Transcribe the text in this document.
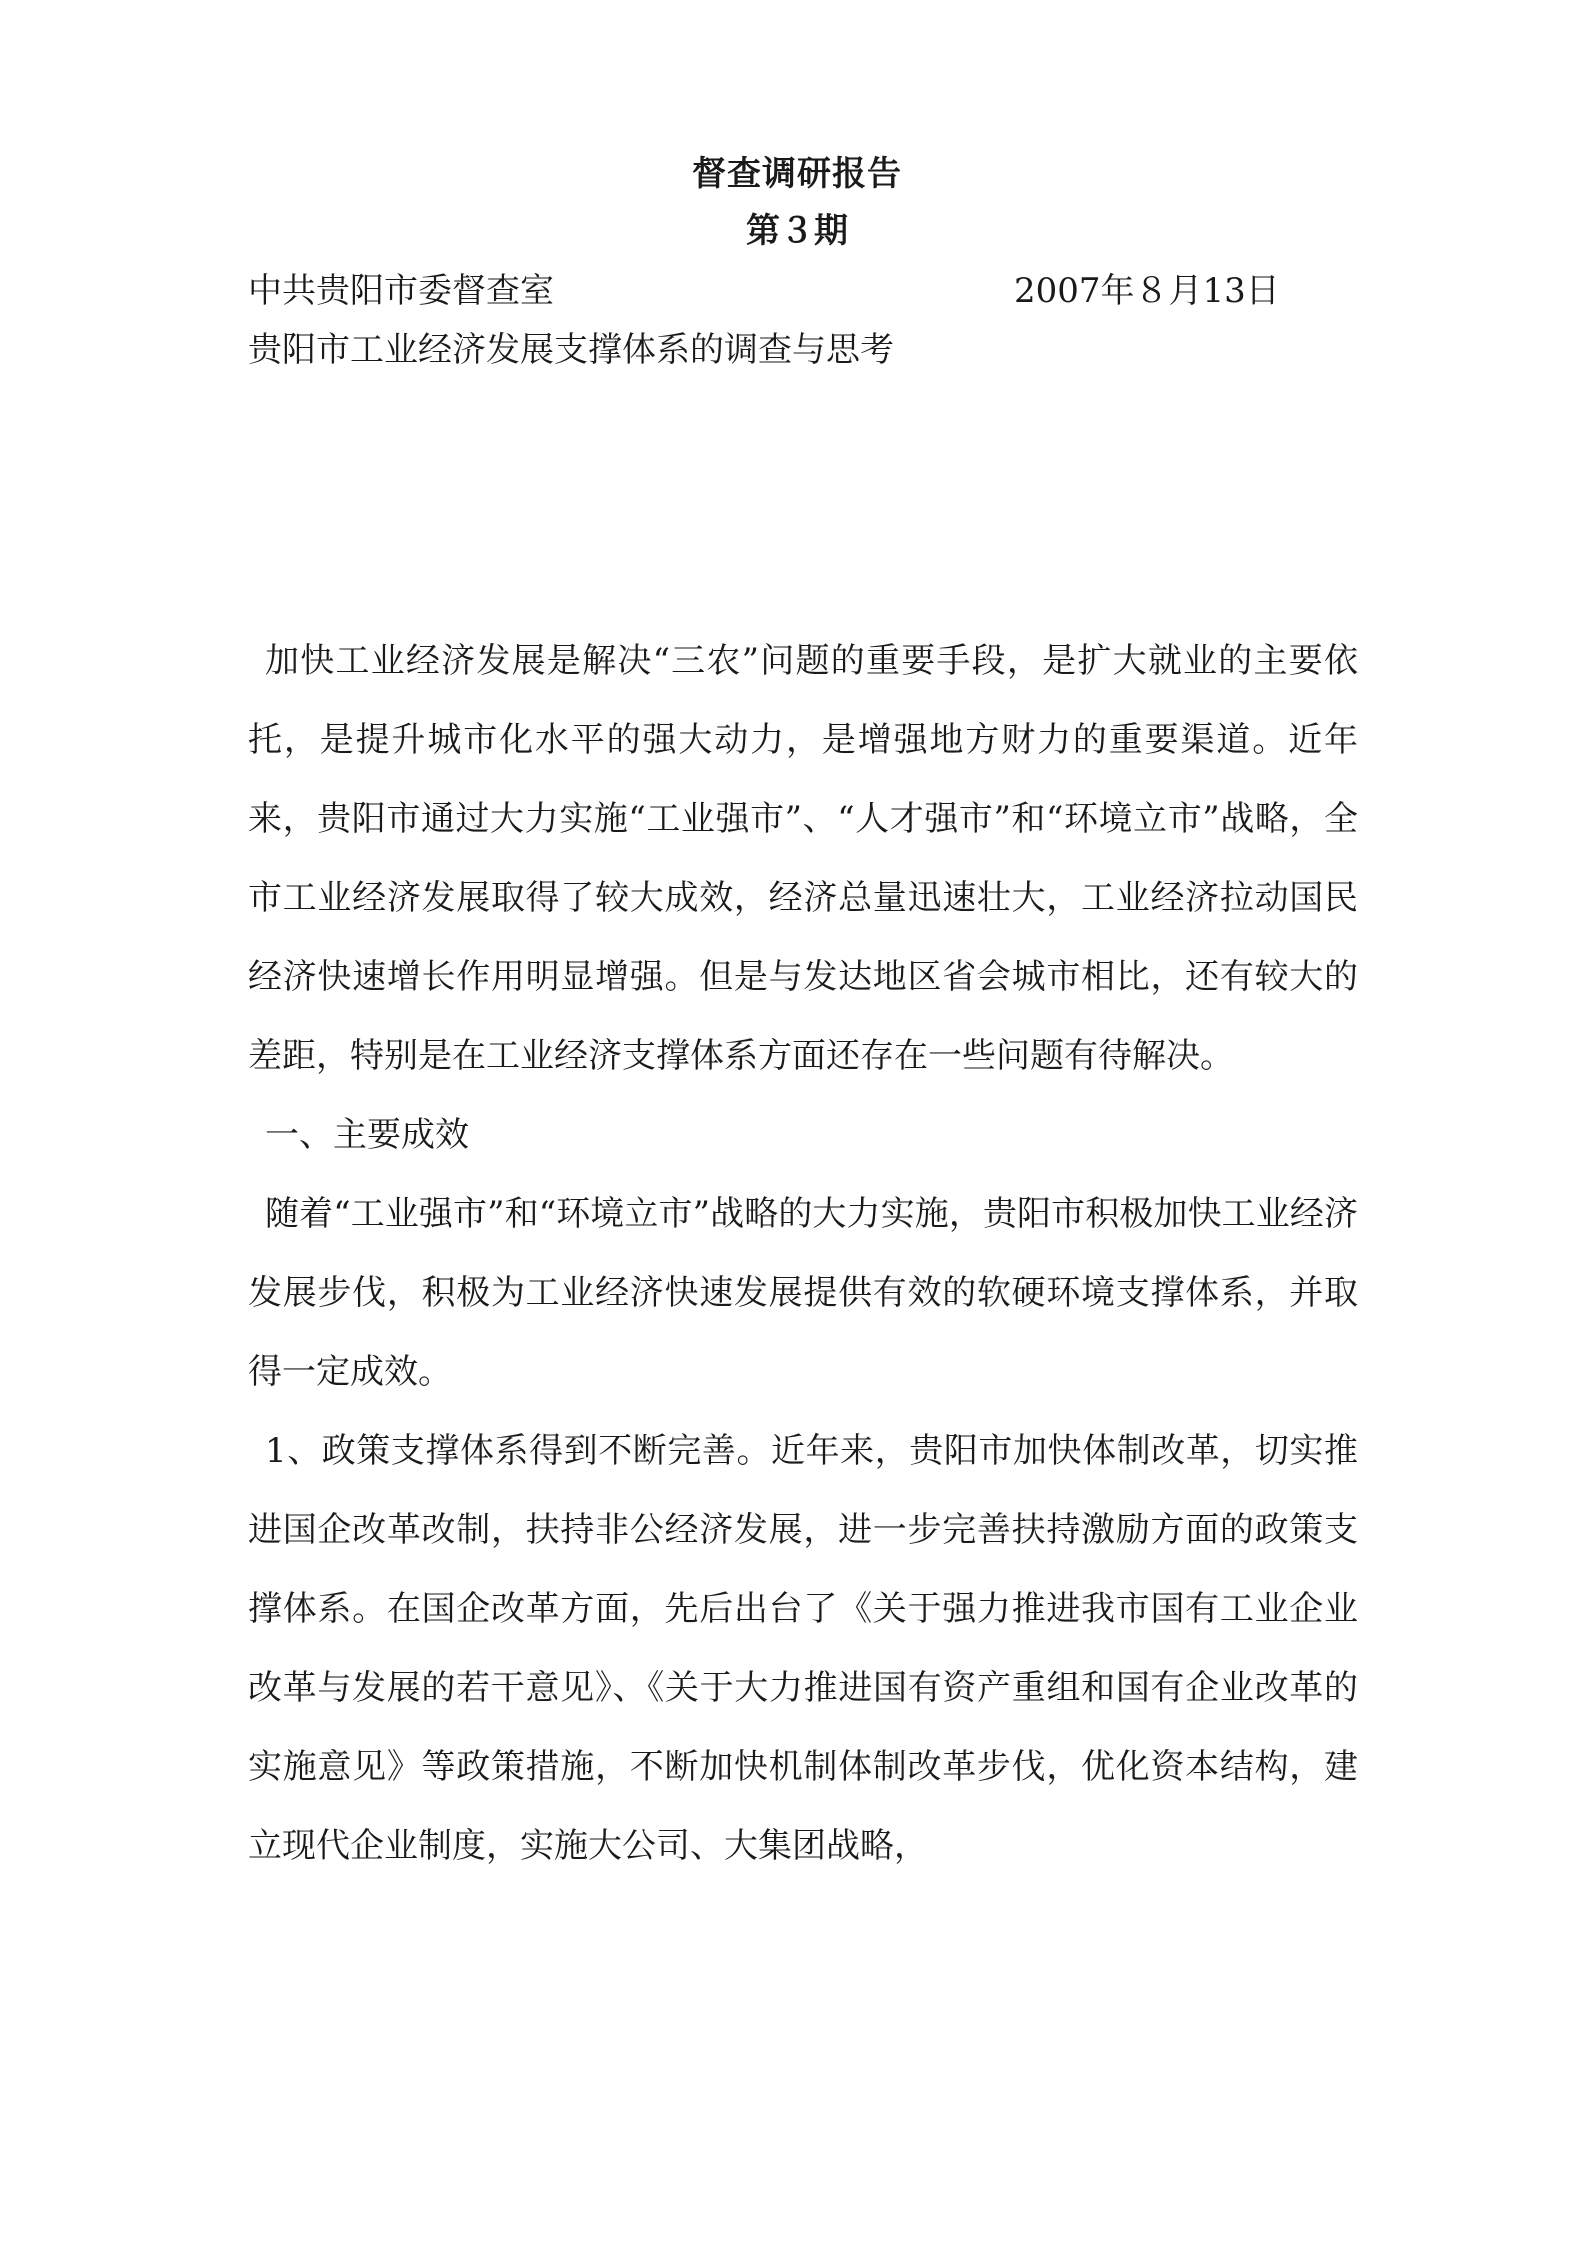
督查调研报告
第３期
中共贵阳市委督查室	2007年８月13日
贵阳市工业经济发展支撑体系的调查与思考

加快工业经济发展是解决“三农”问题的重要手段，是扩大就业的主要依托，是提升城市化水平的强大动力，是增强地方财力的重要渠道。近年来，贵阳市通过大力实施“工业强市”、“人才强市”和“环境立市”战略，全市工业经济发展取得了较大成效，经济总量迅速壮大，工业经济拉动国民经济快速增长作用明显增强。但是与发达地区省会城市相比，还有较大的差距，特别是在工业经济支撑体系方面还存在一些问题有待解决。

一、主要成效

随着“工业强市”和“环境立市”战略的大力实施，贵阳市积极加快工业经济发展步伐，积极为工业经济快速发展提供有效的软硬环境支撑体系，并取得一定成效。

1、政策支撑体系得到不断完善。近年来，贵阳市加快体制改革，切实推进国企改革改制，扶持非公经济发展，进一步完善扶持激励方面的政策支撑体系。在国企改革方面，先后出台了《关于强力推进我市国有工业企业改革与发展的若干意见》、《关于大力推进国有资产重组和国有企业改革的实施意见》等政策措施，不断加快机制体制改革步伐，优化资本结构，建立现代企业制度，实施大公司、大集团战略，
